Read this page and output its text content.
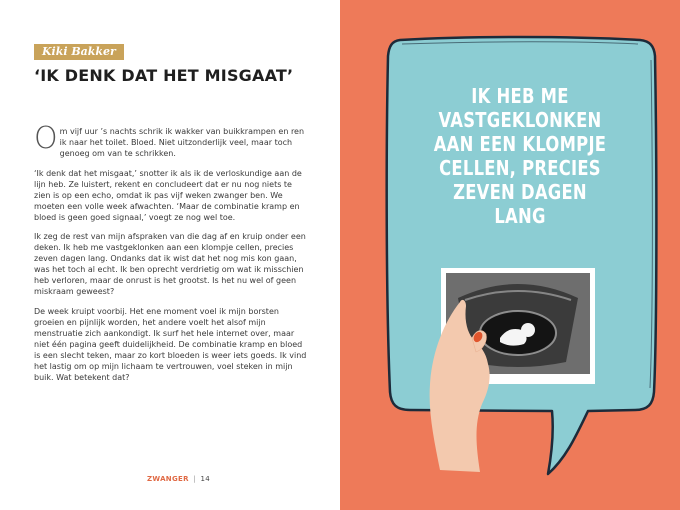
Kiki Bakker
‘IK DENK DAT HET MISGAAT’

Om vijf uur ’s nachts schrik ik wakker van buikkrampen en ren ik naar het toilet. Bloed. Niet uitzonderlijk veel, maar toch genoeg om van te schrikken.

‘Ik denk dat het misgaat,’ snotter ik als ik de verloskundige aan de lijn heb. Ze luistert, rekent en concludeert dat er nu nog niets te zien is op een echo, omdat ik pas vijf weken zwanger ben. We moeten een volle week afwachten. ‘Maar de combinatie kramp en bloed is geen goed signaal,’ voegt ze nog wel toe.

Ik zeg de rest van mijn afspraken van die dag af en kruip onder een deken. Ik heb me vastgeklonken aan een klompje cellen, precies zeven dagen lang. Ondanks dat ik wist dat het nog mis kon gaan, was het toch al echt. Ik ben oprecht verdrietig om wat ik misschien heb verloren, maar de onrust is het grootst. Is het nu wel of geen miskraam geweest?

De week kruipt voorbij. Het ene moment voel ik mijn borsten groeien en pijnlijk worden, het andere voelt het alsof mijn menstruatie zich aankondigt. Ik surf het hele internet over, maar niet één pagina geeft duidelijkheid. De combinatie kramp en bloed is een slecht teken, maar zo kort bloeden is weer iets goeds. Ik vind het lastig om op mijn lichaam te vertrouwen, voel steken in mijn buik. Wat betekent dat?

ZWANGER | 14
IK HEB ME VASTGEKLONKEN AAN EEN KLOMPJE CELLEN, PRECIES ZEVEN DAGEN LANG
